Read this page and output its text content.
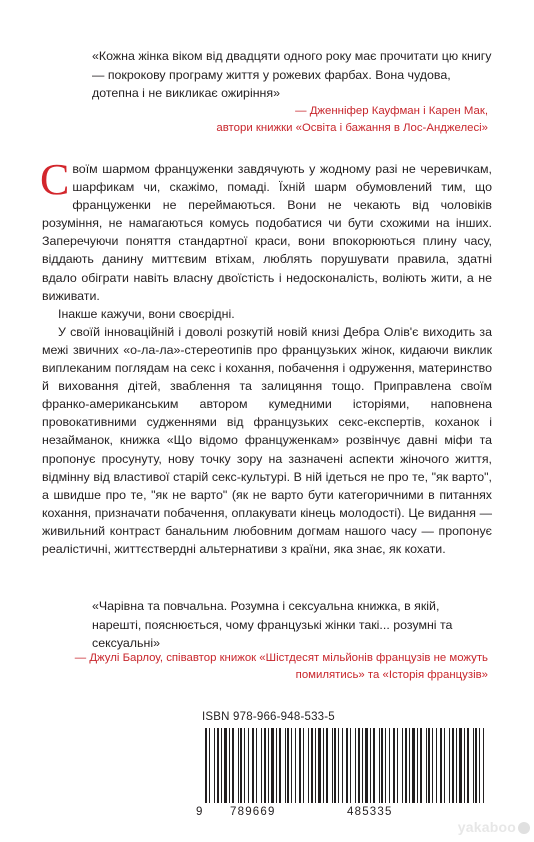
«Кожна жінка віком від двадцяти одного року має прочитати цю книгу — покрокову програму життя у рожевих фарбах. Вона чудова, дотепна і не викликає ожиріння»
— Дженніфер Кауфман і Карен Мак,
автори книжки «Освіта і бажання в Лос-Анджелесі»

Своїм шармом француженки завдячують у жодному разі не черевичкам, шарфикам чи, скажімо, помаді. Їхній шарм обумовлений тим, що француженки не переймаються. Вони не чекають від чоловіків розуміння, не намагаються комусь подобатися чи бути схожими на інших. Заперечуючи поняття стандартної краси, вони впокорюються плину часу, віддають данину миттєвим втіхам, люблять порушувати правила, здатні вдало обігрaти навіть власну двоїстість і недосконалість, воліють жити, а не виживати.

Інакше кажучи, вони своєрідні.

У своїй інноваційній і доволі розкутій новій книзі Дебра Олів'є виходить за межі звичних «о-ла-ла»-стереотипів про французьких жінок, кидаючи виклик виплеканим поглядам на секс і кохання, побачення і одруження, материнство й виховання дітей, зваблення та залицяння тощо. Приправлена своїм франко-американським автором кумедними історіями, наповнена провокативними судженнями від французьких секс-експертів, коханок і незаймaнок, книжка «Що відомо француженкам» розвінчує давні міфи та пропонує просунуту, нову точку зору на зазначені аспекти жіночого життя, відмінну від властивої старій секс-культурі. В ній ідеться не про те, "як варто", а швидше про те, "як не варто" (як не варто бути категоричними в питаннях кохання, призначати побачення, оплакувати кінець молодості). Це видання — живильний контраст банальним любовним догмам нашого часу — пропонує реалістичні, життєствердні альтернативи з країни, яка знає, як кохати.

«Чарівна та повчальна. Розумна і сексуальна книжка, в якій, нарешті, пояснюється, чому французькі жінки такі... розумні та сексуальні»
— Джулі Барлоу, співавтор книжок «Шістдесят мільйонів французів не можуть помилятись» та «Історія французів»
ISBN 978-966-948-533-5
9 789669	485335
yakaboo
